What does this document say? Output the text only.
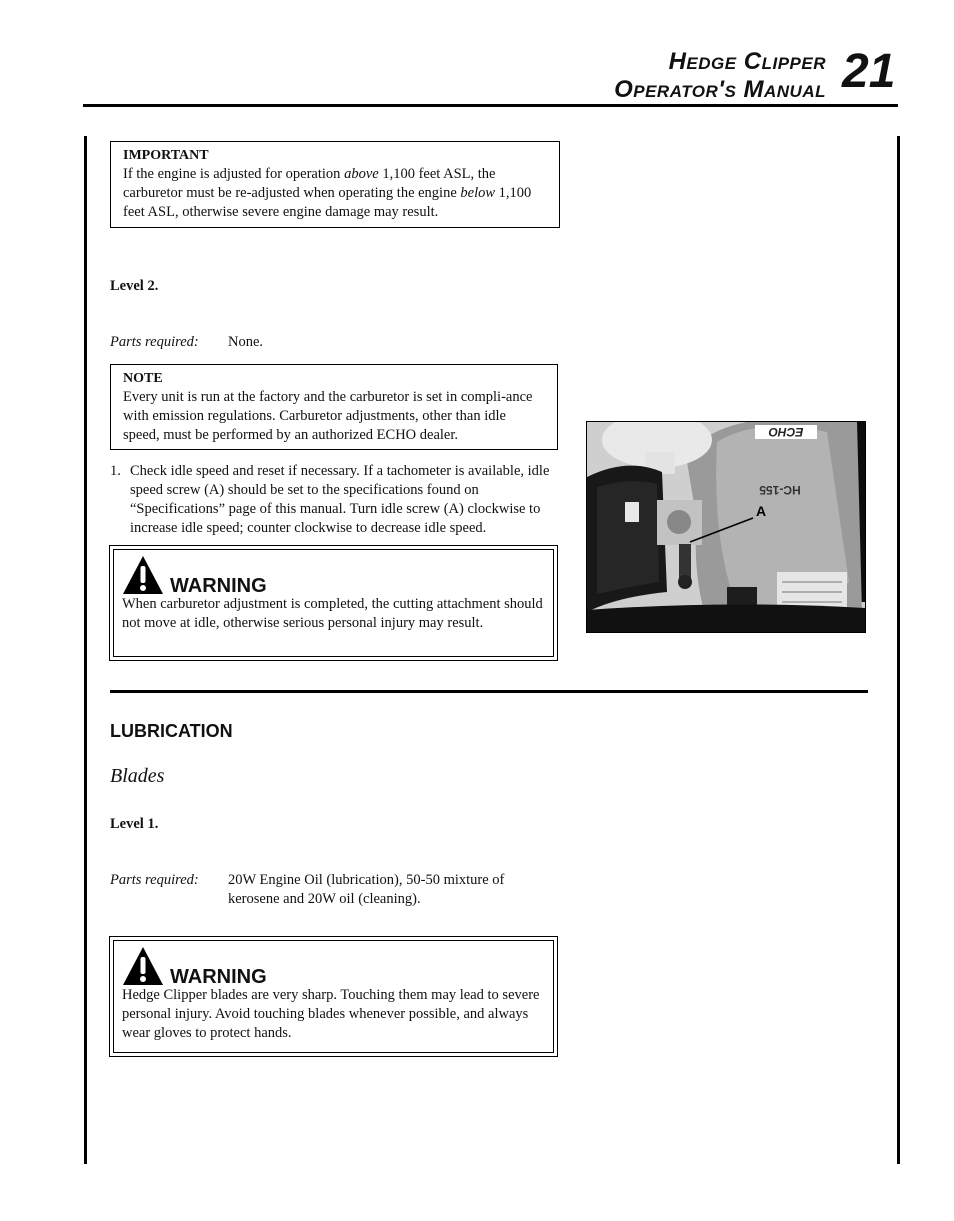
Hedge Clipper
Operator's Manual 21
IMPORTANT
If the engine is adjusted for operation above 1,100 feet ASL, the carburetor must be re-adjusted when operating the engine below 1,100 feet ASL, otherwise severe engine damage may result.
Level 2.
Parts required: None.
NOTE
Every unit is run at the factory and the carburetor is set in compli-ance with emission regulations. Carburetor adjustments, other than idle speed, must be performed by an authorized ECHO dealer.
1. Check idle speed and reset if necessary. If a tachometer is available, idle speed screw (A) should be set to the specifications found on “Specifications” page of this manual. Turn idle screw (A) clockwise to increase idle speed; counter clockwise to decrease idle speed.
WARNING
When carburetor adjustment is completed, the cutting attachment should not move at idle, otherwise serious personal injury may result.
ECHO
HC-155
A
LUBRICATION
Blades
Level 1.
Parts required: 20W Engine Oil (lubrication), 50-50 mixture of kerosene and 20W oil (cleaning).
WARNING
Hedge Clipper blades are very sharp. Touching them may lead to severe personal injury. Avoid touching blades whenever possible, and always wear gloves to protect hands.
